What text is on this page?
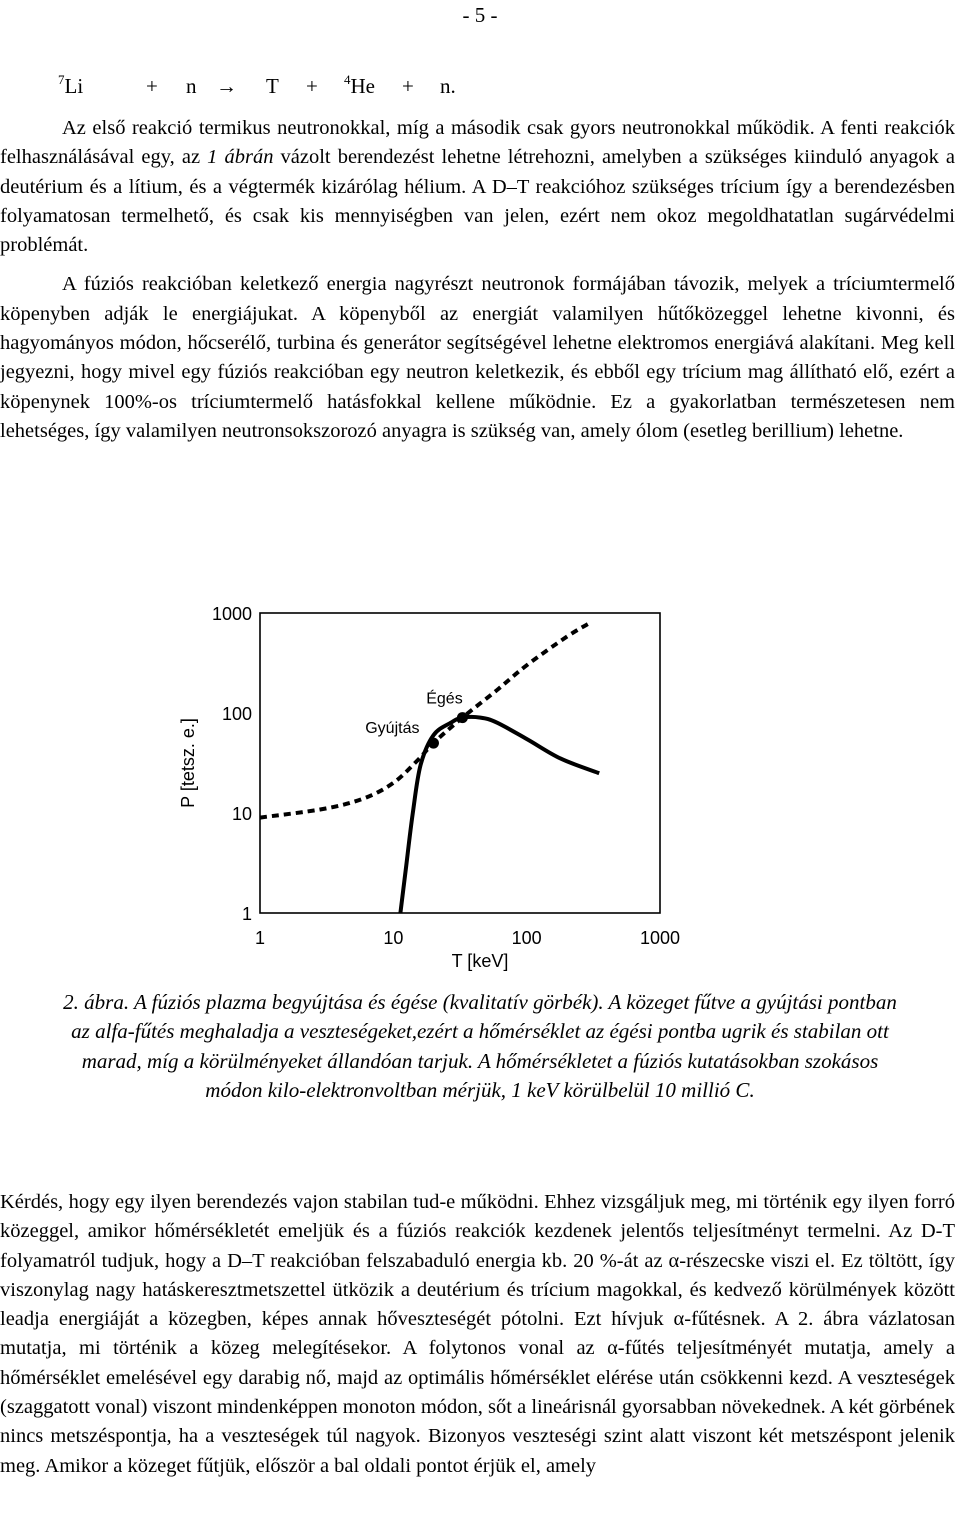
- 5 -
$^7$Li	+ n → T + $^4$He + n.

Az első reakció termikus neutronokkal, míg a második csak gyors neutronokkal működik. A fenti reakciók felhasználásával egy, az 1 ábrán vázolt berendezést lehetne létrehozni, amelyben a szükséges kiinduló anyagok a deutérium és a lítium, és a végtermék kizárólag hélium. A D–T reakcióhoz szükséges trícium így a berendezésben folyamatosan termelhető, és csak kis mennyiségben van jelen, ezért nem okoz megoldhatatlan sugárvédelmi problémát.

A fúziós reakcióban keletkező energia nagyrészt neutronok formájában távozik, melyek a tríciumtermelő köpenyben adják le energiájukat. A köpenyből az energiát valamilyen hűtőközeggel lehetne kivonni, és hagyományos módon, hőcserélő, turbina és generátor segítségével lehetne elektromos energiává alakítani. Meg kell jegyezni, hogy mivel egy fúziós reakcióban egy neutron keletkezik, és ebből egy trícium mag állítható elő, ezért a köpenynek 100%-os tríciumtermelő hatásfokkal kellene működnie. Ez a gyakorlatban természetesen nem lehetséges, így valamilyen neutronsokszorozó anyagra is szükség van, amely ólom (esetleg berillium) lehetne.

1
10
100
1000
1	10	100	1000
P [tetsz. e.]
T [keV]
Gyújtás
Égés
2. ábra. A fúziós plazma begyújtása és égése (kvalitatív görbék). A közeget fűtve a gyújtási pontban az alfa-fűtés meghaladja a veszteségeket,ezért a hőmérséklet az égési pontba ugrik és stabilan ott marad, míg a körülményeket állandóan tarjuk. A hőmérsékletet a fúziós kutatásokban szokásos módon kilo-elektronvoltban mérjük, 1 keV körülbelül 10 millió C.

Kérdés, hogy egy ilyen berendezés vajon stabilan tud-e működni. Ehhez vizsgáljuk meg, mi történik egy ilyen forró közeggel, amikor hőmérsékletét emeljük és a fúziós reakciók kezdenek jelentős teljesítményt termelni. Az D-T folyamatról tudjuk, hogy a D–T reakcióban felszabaduló energia kb. 20 %-át az α-részecske viszi el. Ez töltött, így viszonylag nagy hatáskeresztmetszettel ütközik a deutérium és trícium magokkal, és kedvező körülmények között leadja energiáját a közegben, képes annak hőveszteségét pótolni. Ezt hívjuk α-fűtésnek. A 2. ábra vázlatosan mutatja, mi történik a közeg melegítésekor. A folytonos vonal az α-fűtés teljesítményét mutatja, amely a hőmérséklet emelésével egy darabig nő, majd az optimális hőmérséklet elérése után csökkenni kezd. A veszteségek (szaggatott vonal) viszont mindenképpen monoton módon, sőt a lineárisnál gyorsabban növekednek. A két görbének nincs metszéspontja, ha a veszteségek túl nagyok. Bizonyos veszteségi szint alatt viszont két metszéspont jelenik meg. Amikor a közeget fűtjük, először a bal oldali pontot érjük el, amely
